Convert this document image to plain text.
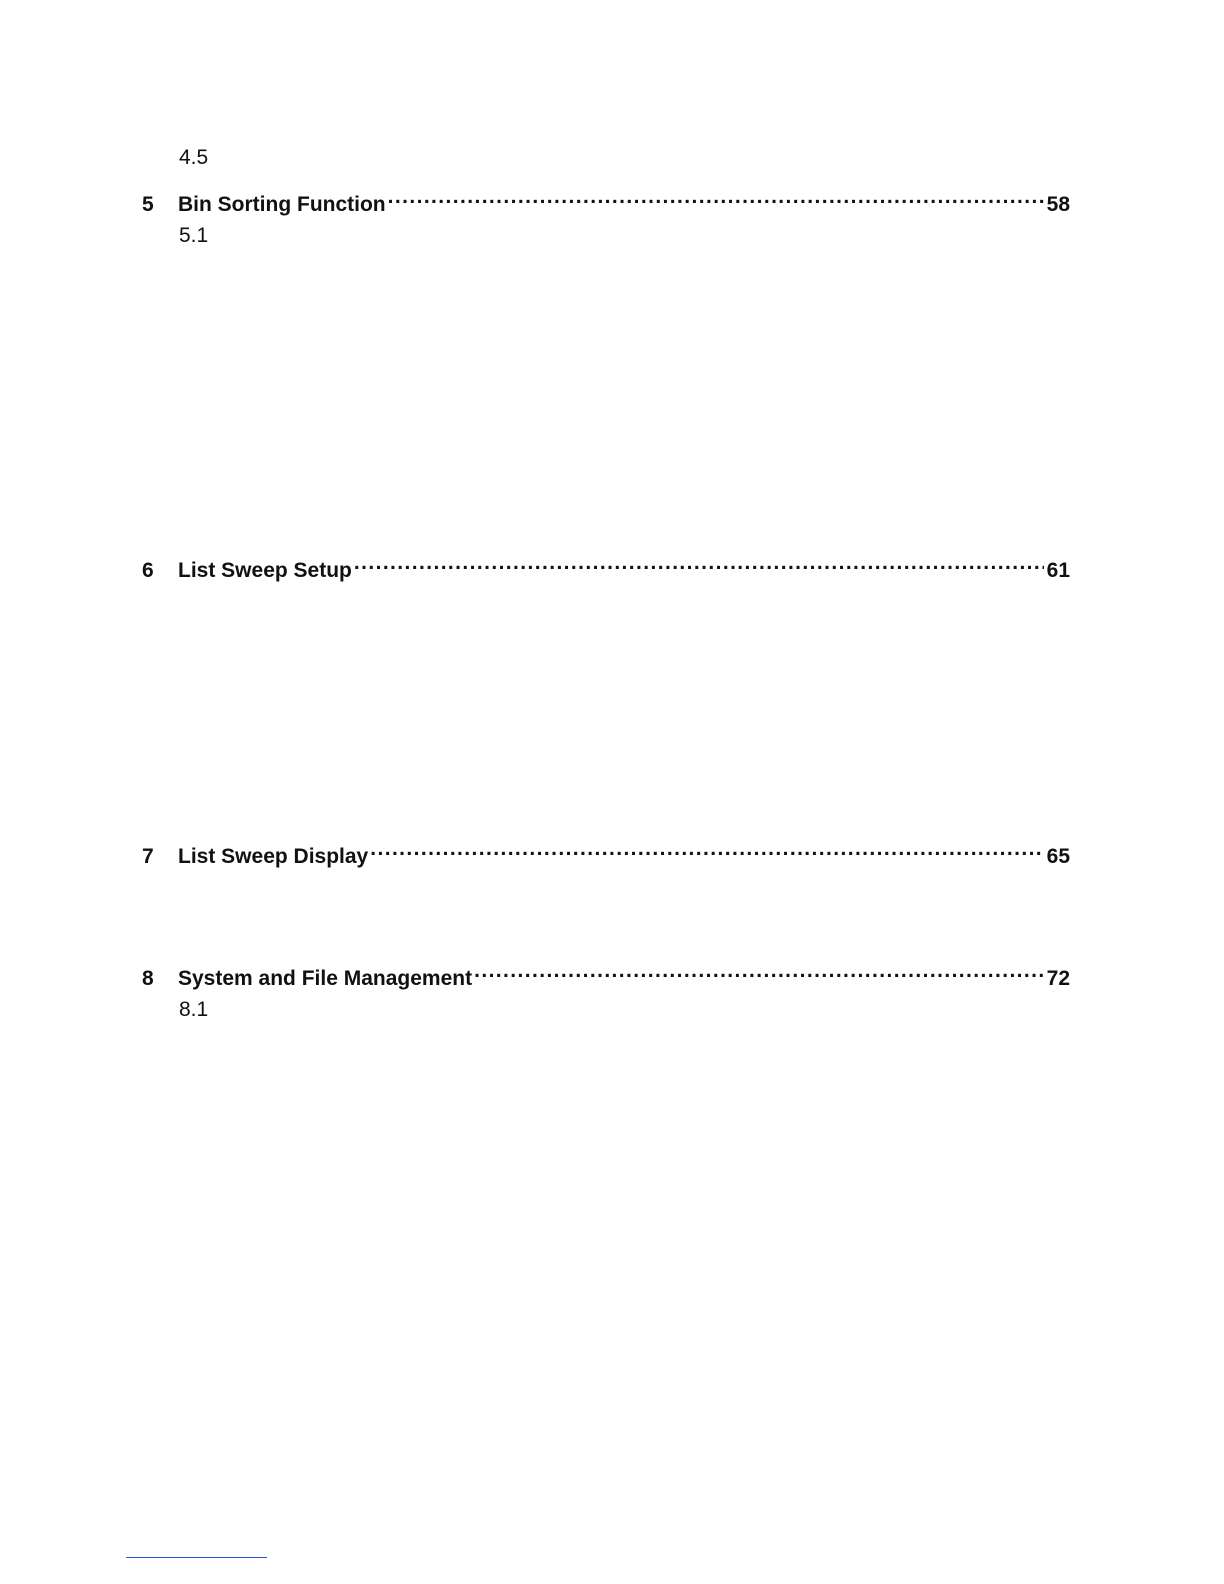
4.5
5	Bin Sorting Function .....	58
5.1
6	List Sweep Setup .....	61
7	List Sweep Display .....	65
8	System and File Management .....	72
8.1
